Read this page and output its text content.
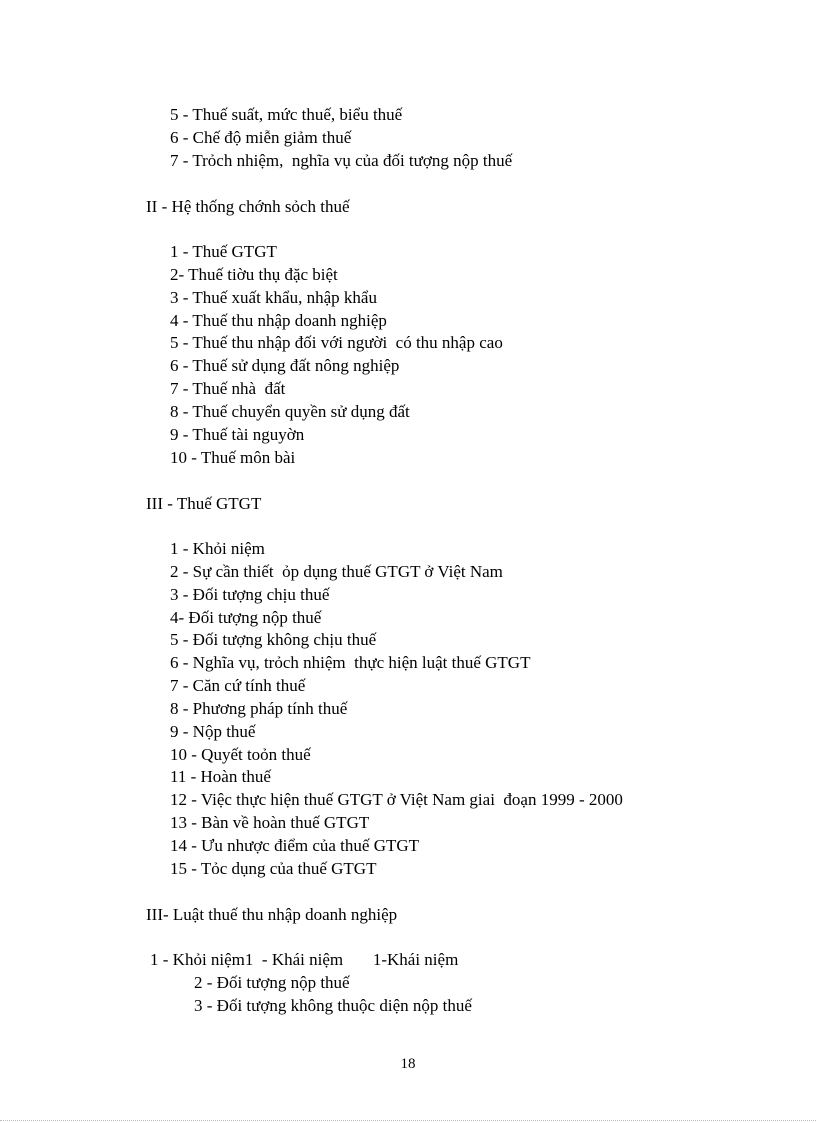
5 - Thuế suất, mức thuế, biểu thuế
6 - Chế độ miễn giảm thuế
7 - Trỏch nhiệm,  nghĩa vụ của đối tượng nộp thuế
II - Hệ thống chớnh sỏch thuế
1 - Thuế GTGT
2- Thuế tiờu thụ đặc biệt
3 - Thuế xuất khẩu, nhập khẩu
4 - Thuế thu nhập doanh nghiệp
5 - Thuế thu nhập đối với người  có thu nhập cao
6 - Thuế sử dụng đất nông nghiệp
7 - Thuế nhà  đất
8 - Thuế chuyển quyền sử dụng đất
9 - Thuế tài nguyờn
10 - Thuế môn bài
III - Thuế GTGT
1 - Khỏi niệm
2 - Sự cần thiết  ỏp dụng thuế GTGT ở Việt Nam
3 - Đối tượng chịu thuế
4- Đối tượng nộp thuế
5 - Đối tượng không chịu thuế
6 - Nghĩa vụ, trỏch nhiệm  thực hiện luật thuế GTGT
7 - Căn cứ tính thuế
8 - Phương pháp tính thuế
9 - Nộp thuế
10 - Quyết toỏn thuế
11 - Hoàn thuế
12 - Việc thực hiện thuế GTGT ở Việt Nam giai  đoạn 1999 - 2000
13 - Bàn về hoàn thuế GTGT
14 - Ưu nhược điểm của thuế GTGT
15 - Tỏc dụng của thuế GTGT
III- Luật thuế thu nhập doanh nghiệp
1 - Khỏi niệm1  - Khái niệm       1-Khái niệm
2 - Đối tượng nộp thuế
3 - Đối tượng không thuộc diện nộp thuế
18
